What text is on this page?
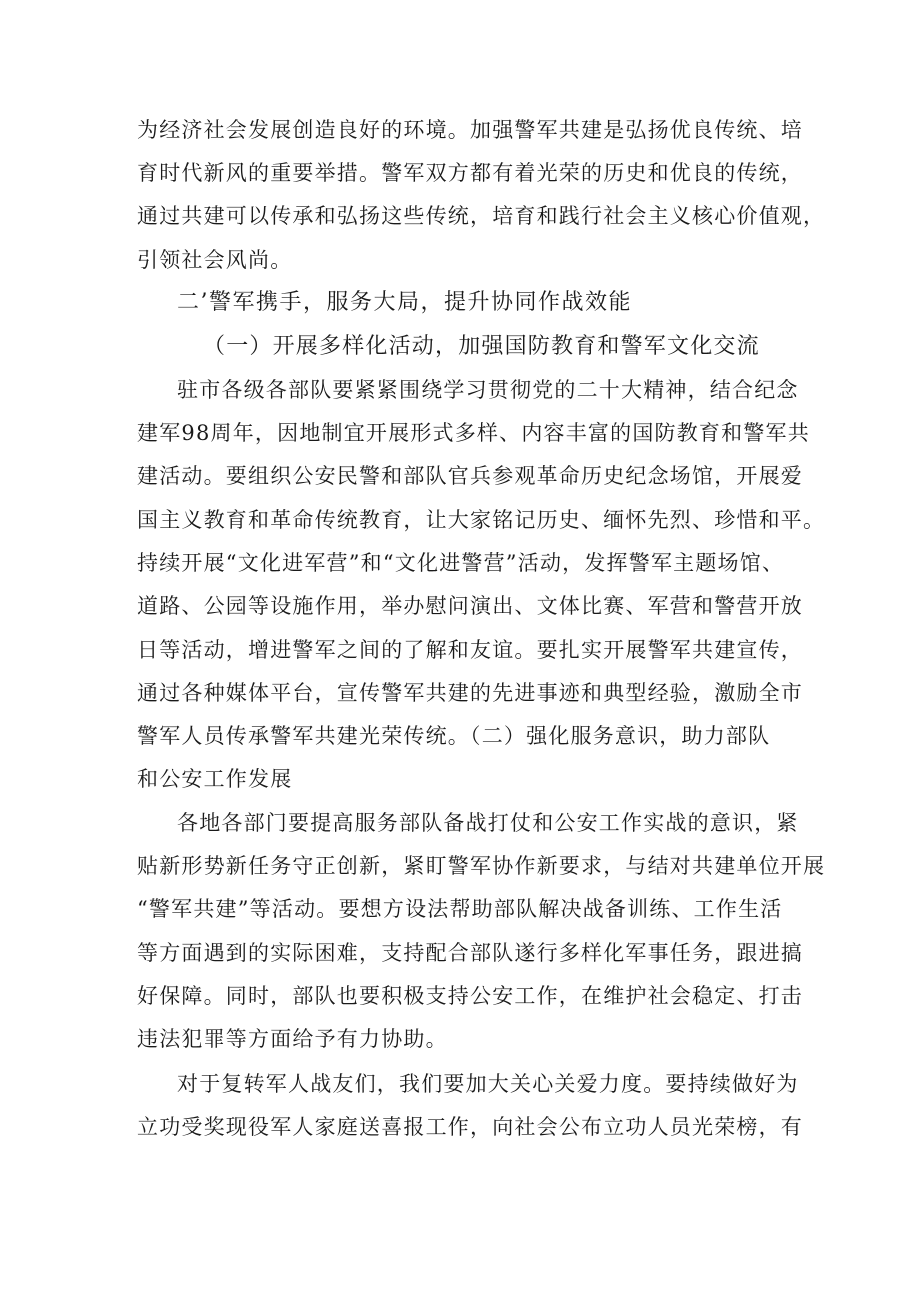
为经济社会发展创造良好的环境。加强警军共建是弘扬优良传统、培
育时代新风的重要举措。警军双方都有着光荣的历史和优良的传统，
通过共建可以传承和弘扬这些传统，培育和践行社会主义核心价值观，
引领社会风尚。
二’警军携手，服务大局，提升协同作战效能
（一）开展多样化活动，加强国防教育和警军文化交流
驻市各级各部队要紧紧围绕学习贯彻党的二十大精神，结合纪念
建军98周年，因地制宜开展形式多样、内容丰富的国防教育和警军共
建活动。要组织公安民警和部队官兵参观革命历史纪念场馆，开展爱
国主义教育和革命传统教育，让大家铭记历史、缅怀先烈、珍惜和平。
持续开展“文化进军营”和“文化进警营”活动，发挥警军主题场馆、
道路、公园等设施作用，举办慰问演出、文体比赛、军营和警营开放
日等活动，增进警军之间的了解和友谊。要扎实开展警军共建宣传，
通过各种媒体平台，宣传警军共建的先进事迹和典型经验，激励全市
警军人员传承警军共建光荣传统。（二）强化服务意识，助力部队
和公安工作发展
各地各部门要提高服务部队备战打仗和公安工作实战的意识，紧
贴新形势新任务守正创新，紧盯警军协作新要求，与结对共建单位开展
“警军共建”等活动。要想方设法帮助部队解决战备训练、工作生活
等方面遇到的实际困难，支持配合部队遂行多样化军事任务，跟进搞
好保障。同时，部队也要积极支持公安工作，在维护社会稳定、打击
违法犯罪等方面给予有力协助。
对于复转军人战友们，我们要加大关心关爱力度。要持续做好为
立功受奖现役军人家庭送喜报工作，向社会公布立功人员光荣榜，有
